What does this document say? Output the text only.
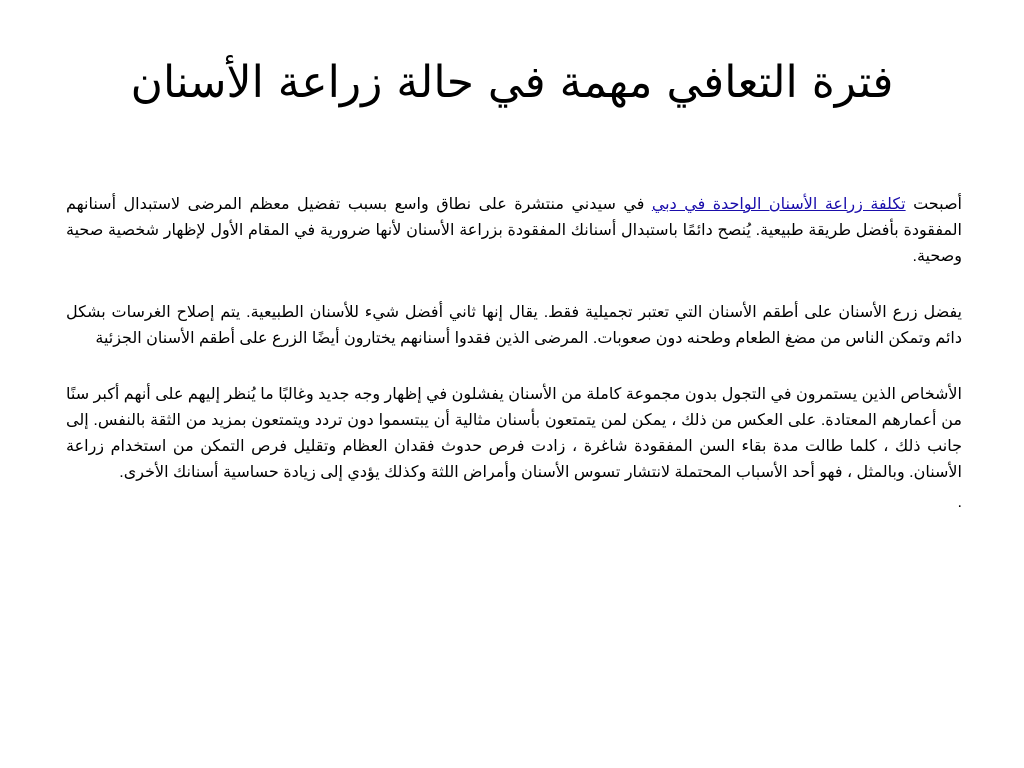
فترة التعافي مهمة في حالة زراعة الأسنان

أصبحت تكلفة زراعة الأسنان الواحدة في دبي في سيدني منتشرة على نطاق واسع بسبب تفضيل معظم المرضى لاستبدال أسنانهم المفقودة بأفضل طريقة طبيعية. يُنصح دائمًا باستبدال أسنانك المفقودة بزراعة الأسنان لأنها ضرورية في المقام الأول لإظهار شخصية صحية وصحية.

يفضل زرع الأسنان على أطقم الأسنان التي تعتبر تجميلية فقط. يقال إنها ثاني أفضل شيء للأسنان الطبيعية. يتم إصلاح الغرسات بشكل دائم وتمكن الناس من مضغ الطعام وطحنه دون صعوبات. المرضى الذين فقدوا أسنانهم يختارون أيضًا الزرع على أطقم الأسنان الجزئية

الأشخاص الذين يستمرون في التجول بدون مجموعة كاملة من الأسنان يفشلون في إظهار وجه جديد وغالبًا ما يُنظر إليهم على أنهم أكبر سنًا من أعمارهم المعتادة. على العكس من ذلك ، يمكن لمن يتمتعون بأسنان مثالية أن يبتسموا دون تردد ويتمتعون بمزيد من الثقة بالنفس. إلى جانب ذلك ، كلما طالت مدة بقاء السن المفقودة شاغرة ، زادت فرص حدوث فقدان العظام وتقليل فرص التمكن من استخدام زراعة الأسنان. وبالمثل ، فهو أحد الأسباب المحتملة لانتشار تسوس الأسنان وأمراض اللثة وكذلك يؤدي إلى زيادة حساسية أسنانك الأخرى.

.
